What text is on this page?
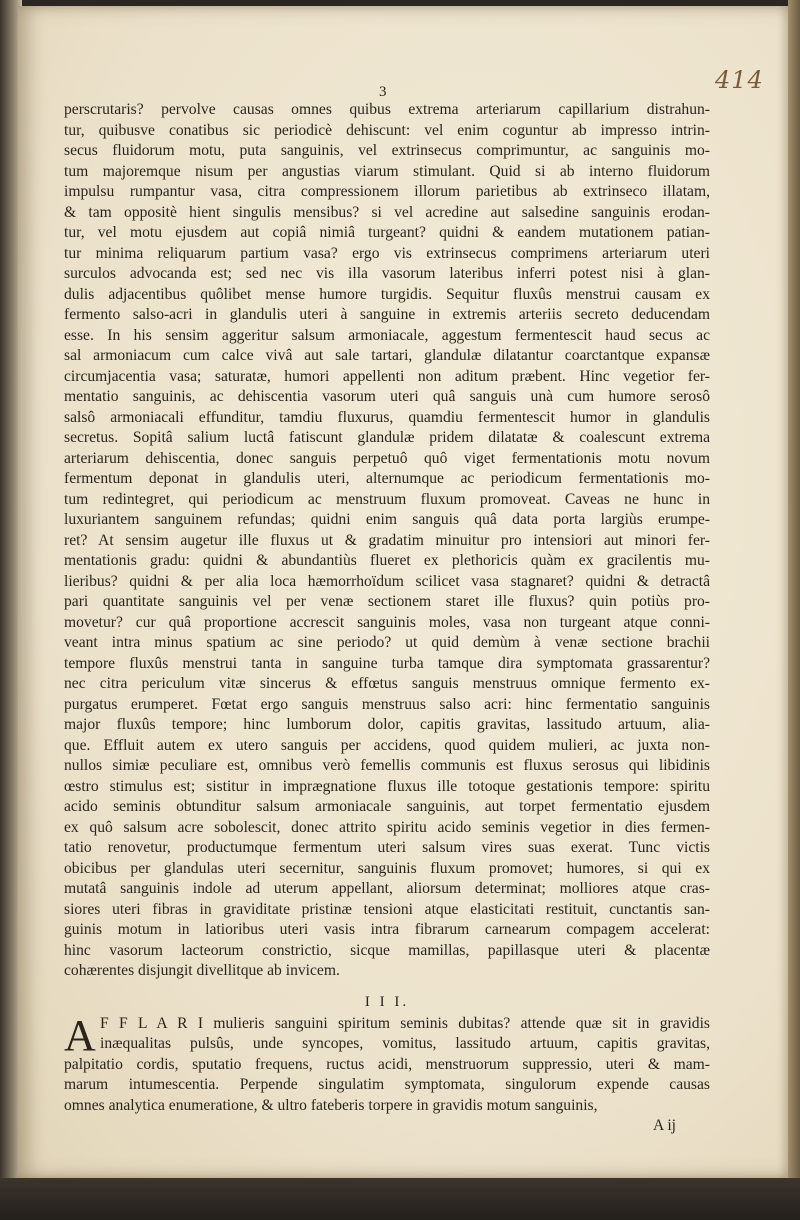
414
3
perscrutaris? pervolve causas omnes quibus extrema arteriarum capillarium distrahun-
tur, quibusve conatibus sic periodicè dehiscunt: vel enim coguntur ab impresso intrin-
secus fluidorum motu, puta sanguinis, vel extrinsecus comprimuntur, ac sanguinis mo-
tum majoremque nisum per angustias viarum stimulant. Quid si ab interno fluidorum
impulsu rumpantur vasa, citra compressionem illorum parietibus ab extrinseco illatam,
& tam oppositè hient singulis mensibus? si vel acredine aut salsedine sanguinis erodan-
tur, vel motu ejusdem aut copiâ nimiâ turgeant? quidni & eandem mutationem patian-
tur minima reliquarum partium vasa? ergo vis extrinsecus comprimens arteriarum uteri
surculos advocanda est; sed nec vis illa vasorum lateribus inferri potest nisi à glan-
dulis adjacentibus quôlibet mense humore turgidis. Sequitur fluxûs menstrui causam ex
fermento salso-acri in glandulis uteri à sanguine in extremis arteriis secreto deducendam
esse. In his sensim aggeritur salsum armoniacale, aggestum fermentescit haud secus ac
sal armoniacum cum calce vivâ aut sale tartari, glandulæ dilatantur coarctantque expansæ
circumjacentia vasa; saturatæ, humori appellenti non aditum præbent. Hinc vegetior fer-
mentatio sanguinis, ac dehiscentia vasorum uteri quâ sanguis unà cum humore serosô
salsô armoniacali effunditur, tamdiu fluxurus, quamdiu fermentescit humor in glandulis
secretus. Sopitâ salium luctâ fatiscunt glandulæ pridem dilatatæ & coalescunt extrema
arteriarum dehiscentia, donec sanguis perpetuô quô viget fermentationis motu novum
fermentum deponat in glandulis uteri, alternumque ac periodicum fermentationis mo-
tum redintegret, qui periodicum ac menstruum fluxum promoveat. Caveas ne hunc in
luxuriantem sanguinem refundas; quidni enim sanguis quâ data porta largiùs erumpe-
ret? At sensim augetur ille fluxus ut & gradatim minuitur pro intensiori aut minori fer-
mentationis gradu: quidni & abundantiùs flueret ex plethoricis quàm ex gracilentis mu-
lieribus? quidni & per alia loca hæmorrhoïdum scilicet vasa stagnaret? quidni & detractâ
pari quantitate sanguinis vel per venæ sectionem staret ille fluxus? quin potiùs pro-
movetur? cur quâ proportione accrescit sanguinis moles, vasa non turgeant atque conni-
veant intra minus spatium ac sine periodo? ut quid demùm à venæ sectione brachii
tempore fluxûs menstrui tanta in sanguine turba tamque dira symptomata grassarentur?
nec citra periculum vitæ sincerus & effœtus sanguis menstruus omnique fermento ex-
purgatus erumperet. Fœtat ergo sanguis menstruus salso acri: hinc fermentatio sanguinis
major fluxûs tempore; hinc lumborum dolor, capitis gravitas, lassitudo artuum, alia-
que. Effluit autem ex utero sanguis per accidens, quod quidem mulieri, ac juxta non-
nullos simiæ peculiare est, omnibus verò femellis communis est fluxus serosus qui libidinis
œstro stimulus est; sistitur in imprægnatione fluxus ille totoque gestationis tempore: spiritu
acido seminis obtunditur salsum armoniacale sanguinis, aut torpet fermentatio ejusdem
ex quô salsum acre sobolescit, donec attrito spiritu acido seminis vegetior in dies fermen-
tatio renovetur, productumque fermentum uteri salsum vires suas exerat. Tunc victis
obicibus per glandulas uteri secernitur, sanguinis fluxum promovet; humores, si qui ex
mutatâ sanguinis indole ad uterum appellant, aliorsum determinat; molliores atque cras-
siores uteri fibras in graviditate pristinæ tensioni atque elasticitati restituit, cunctantis san-
guinis motum in latioribus uteri vasis intra fibrarum carnearum compagem accelerat:
hinc vasorum lacteorum constrictio, sicque mamillas, papillasque uteri & placentæ
cohærentes disjungit divellitque ab invicem.
I I I.
A F F L A R I mulieris sanguini spiritum seminis dubitas? attende quæ sit in gravidis
inæqualitas pulsûs, unde syncopes, vomitus, lassitudo artuum, capitis gravitas,
palpitatio cordis, sputatio frequens, ructus acidi, menstruorum suppressio, uteri & mam-
marum intumescentia. Perpende singulatim symptomata, singulorum expende causas
omnes analytica enumeratione, & ultro fateberis torpere in gravidis motum sanguinis,
A ij
